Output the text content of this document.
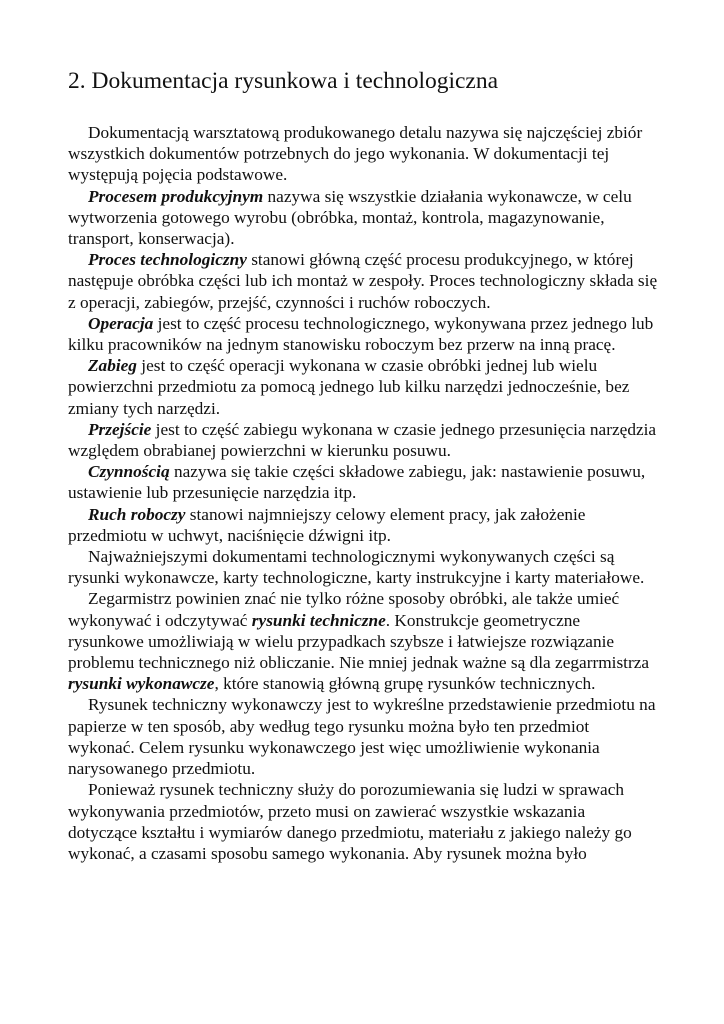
2. Dokumentacja rysunkowa i technologiczna

Dokumentacją warsztatową produkowanego detalu nazywa się najczęściej zbiór wszystkich dokumentów potrzebnych do jego wykonania. W dokumentacji tej występują pojęcia podstawowe.

Procesem produkcyjnym nazywa się wszystkie działania wykonawcze, w celu wytworzenia gotowego wyrobu (obróbka, montaż, kontrola, magazynowanie, transport, konserwacja).

Proces technologiczny stanowi główną część procesu produkcyjnego, w której następuje obróbka części lub ich montaż w zespoły. Proces technologiczny składa się z operacji, zabiegów, przejść, czynności i ruchów roboczych.

Operacja jest to część procesu technologicznego, wykonywana przez jednego lub kilku pracowników na jednym stanowisku roboczym bez przerw na inną pracę.

Zabieg jest to część operacji wykonana w czasie obróbki jednej lub wielu powierzchni przedmiotu za pomocą jednego lub kilku narzędzi jednocześnie, bez zmiany tych narzędzi.

Przejście jest to część zabiegu wykonana w czasie jednego przesunięcia narzędzia względem obrabianej powierzchni w kierunku posuwu.

Czynnością nazywa się takie części składowe zabiegu, jak: nastawienie posuwu, ustawienie lub przesunięcie narzędzia itp.

Ruch roboczy stanowi najmniejszy celowy element pracy, jak założenie przedmiotu w uchwyt, naciśnięcie dźwigni itp.

Najważniejszymi dokumentami technologicznymi wykonywanych części są rysunki wykonawcze, karty technologiczne, karty instrukcyjne i karty materiałowe.

Zegarmistrz powinien znać nie tylko różne sposoby obróbki, ale także umieć wykonywać i odczytywać rysunki techniczne. Konstrukcje geometryczne rysunkowe umożliwiają w wielu przypadkach szybsze i łatwiejsze rozwiązanie problemu technicznego niż obliczanie. Nie mniej jednak ważne są dla zegarrmistrza rysunki wykonawcze, które stanowią główną grupę rysunków technicznych.

Rysunek techniczny wykonawczy jest to wykreślne przedstawienie przedmiotu na papierze w ten sposób, aby według tego rysunku można było ten przedmiot wykonać. Celem rysunku wykonawczego jest więc umożliwienie wykonania narysowanego przedmiotu.

Ponieważ rysunek techniczny służy do porozumiewania się ludzi w sprawach wykonywania przedmiotów, przeto musi on zawierać wszystkie wskazania dotyczące kształtu i wymiarów danego przedmiotu, materiału z jakiego należy go wykonać, a czasami sposobu samego wykonania. Aby rysunek można było
